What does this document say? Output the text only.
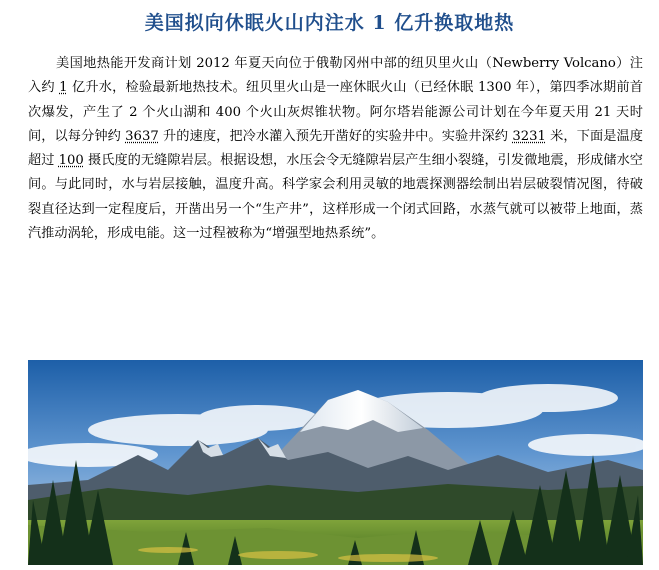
美国拟向休眠火山内注水 1 亿升换取地热

美国地热能开发商计划 2012 年夏天向位于俄勒冈州中部的纽贝里火山（Newberry Volcano）注入约 1 亿升水，检验最新地热技术。纽贝里火山是一座休眠火山（已经休眠 1300 年），第四季冰期前首次爆发，产生了 2 个火山湖和 400 个火山灰烬锥状物。阿尔塔岩能源公司计划在今年夏天用 21 天时间，以每分钟约 3637 升的速度，把冷水灌入预先开凿好的实验井中。实验井深约 3231 米，下面是温度超过 100 摄氏度的无缝隙岩层。根据设想，水压会令无缝隙岩层产生细小裂缝，引发微地震，形成储水空间。与此同时，水与岩层接触，温度升高。科学家会利用灵敏的地震探测器绘制出岩层破裂情况图，待破裂直径达到一定程度后，开凿出另一个“生产井”，这样形成一个闭式回路，水蒸气就可以被带上地面，蒸汽推动涡轮，形成电能。这一过程被称为“增强型地热系统”。
